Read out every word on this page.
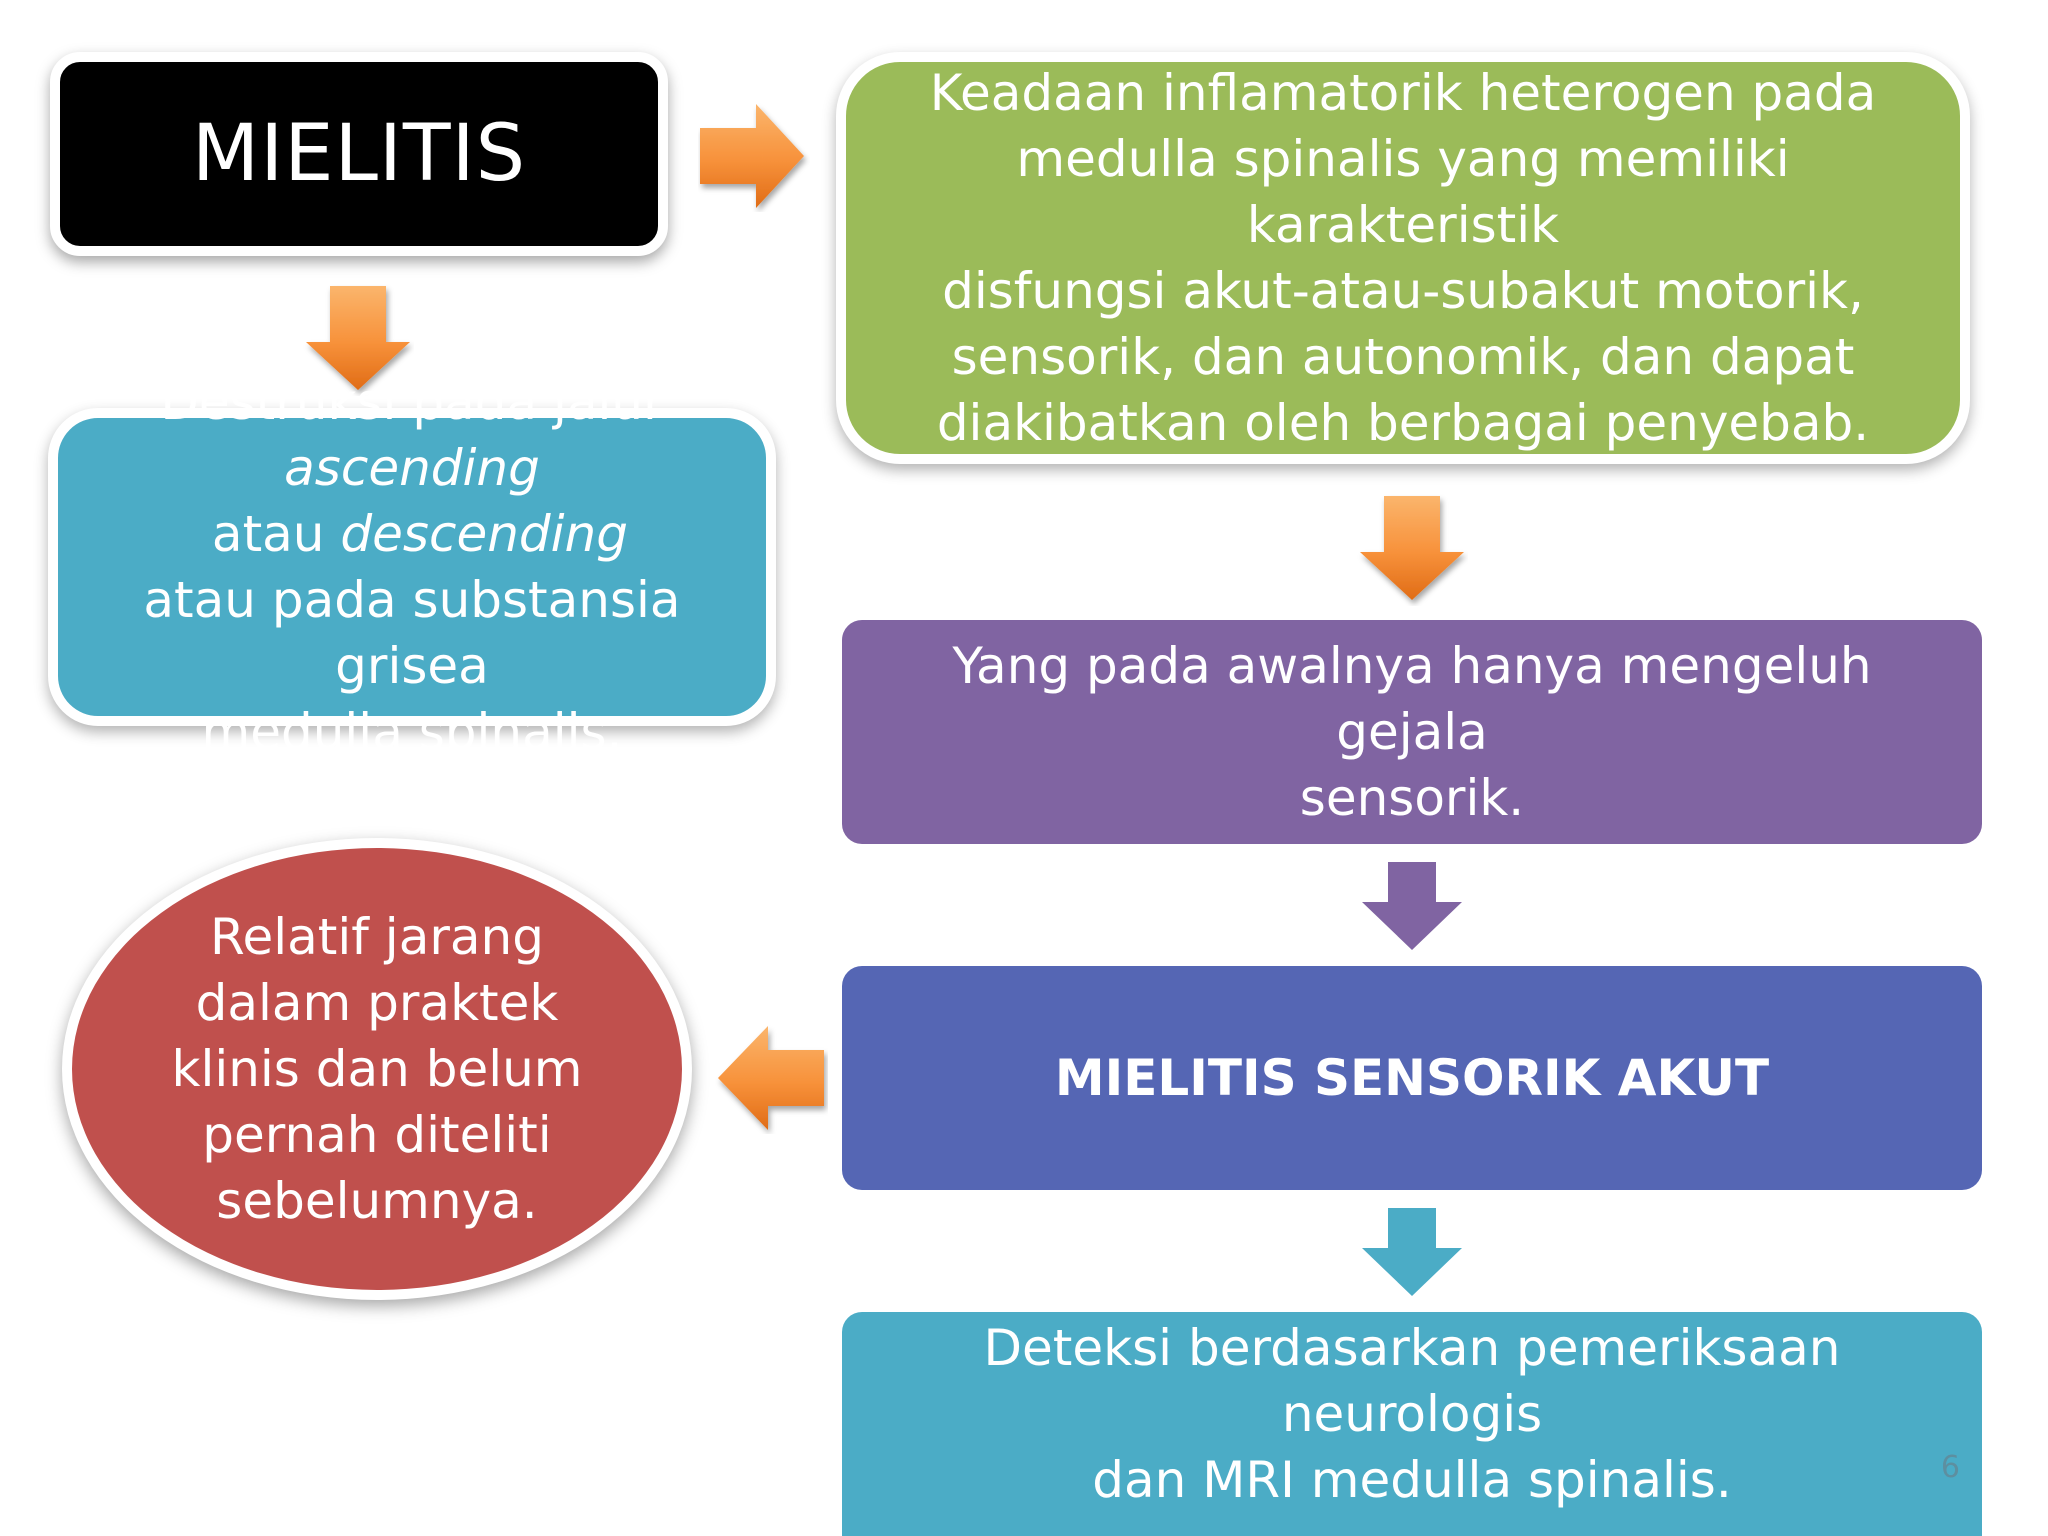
MIELITIS
Keadaan inflamatorik heterogen pada
medulla spinalis yang memiliki karakteristik
disfungsi akut-atau-subakut motorik,
sensorik, dan autonomik, dan dapat
diakibatkan oleh berbagai penyebab.
Destruksi pada jalur
ascending atau descending
atau pada substansia grisea
medulla spinalis.
Yang pada awalnya hanya mengeluh gejala
sensorik.
MIELITIS SENSORIK AKUT
Relatif jarang
dalam praktek
klinis dan belum
pernah diteliti
sebelumnya.
Deteksi berdasarkan pemeriksaan neurologis
dan MRI medulla spinalis.	6
